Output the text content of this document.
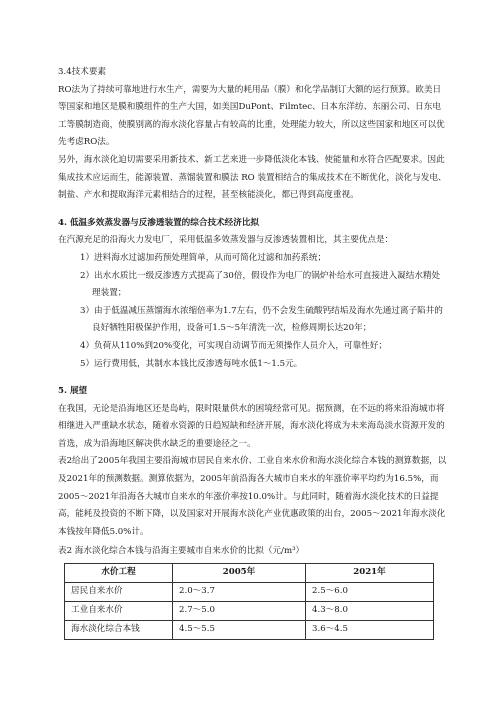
3.4技术要素

RO法为了持续可靠地进行水生产，需要为大量的耗用品（膜）和化学品制订大额的运行预算。欧美日等国家和地区是膜和膜组件的生产大国，如美国DuPont、Filmtec、日本东洋纺、东丽公司、日东电工等膜制造商，使膜别离的海水淡化容量占有较高的比重，处理能力较大，所以这些国家和地区可以优先考虑RO法。

另外，海水淡化迫切需要采用新技术、新工艺来进一步降低淡化本钱、使能量和水符合匹配要求。因此集成技术应运而生，能源装置、蒸馏装置和膜法 RO 装置相结合的集成技术在不断优化，淡化与发电、制盐、产水和提取海洋元素相结合的过程，甚至核能淡化，都已得到高度重视。

4. 低温多效蒸发器与反渗透装置的综合技术经济比拟

在汽源充足的沿海火力发电厂，采用低温多效蒸发器与反渗透装置相比，其主要优点是：

1）进料海水过滤加药预处理简单，从而可简化过滤和加药系统；
2）出水水质比一级反渗透方式提高了30倍，假设作为电厂的锅炉补给水可直接进入凝结水精处理装置；
3）由于低温减压蒸馏海水浓缩倍率为1.7左右，仍不会发生硫酸钙结垢及海水先通过离子陷井的良好牺牲阳极保护作用，设备可1.5～5年清洗一次，检修周期长达20年；
4）负荷从110%到20%变化，可实现自动调节而无须操作人员介入，可靠性好；
5）运行费用低，其制水本钱比反渗透每吨水低1～1.5元。

5. 展望

在我国，无论是沿海地区还是岛屿，限时限量供水的困境经常可见。据预测，在不远的将来沿海城市将相继进入严重缺水状态，随着水资源的日趋短缺和经济开展，海水淡化将成为未来海岛淡水资源开发的首选，成为沿海地区解决供水缺乏的重要途径之一。

表2给出了2005年我国主要沿海城市居民自来水价、工业自来水价和海水淡化综合本钱的测算数据，以及2021年的预测数据。测算依据为，2005年前沿海各大城市自来水的年涨价率平均约为16.5%，而2005～2021年沿海各大城市自来水的年涨价率按10.0%计。与此同时，随着海水淡化技术的日益提高，能耗及投资的不断下降，以及国家对开展海水淡化产业优惠政策的出台，2005～2021年海水淡化本钱按年降低5.0%计。

表2 海水淡化综合本钱与沿海主要城市自来水价的比拟（元/m³）

水价工程	2005年	2021年
居民自来水价	2.0～3.7	2.5～6.0
工业自来水价	2.7～5.0	4.3～8.0
海水淡化综合本钱	4.5～5.5	3.6～4.5
